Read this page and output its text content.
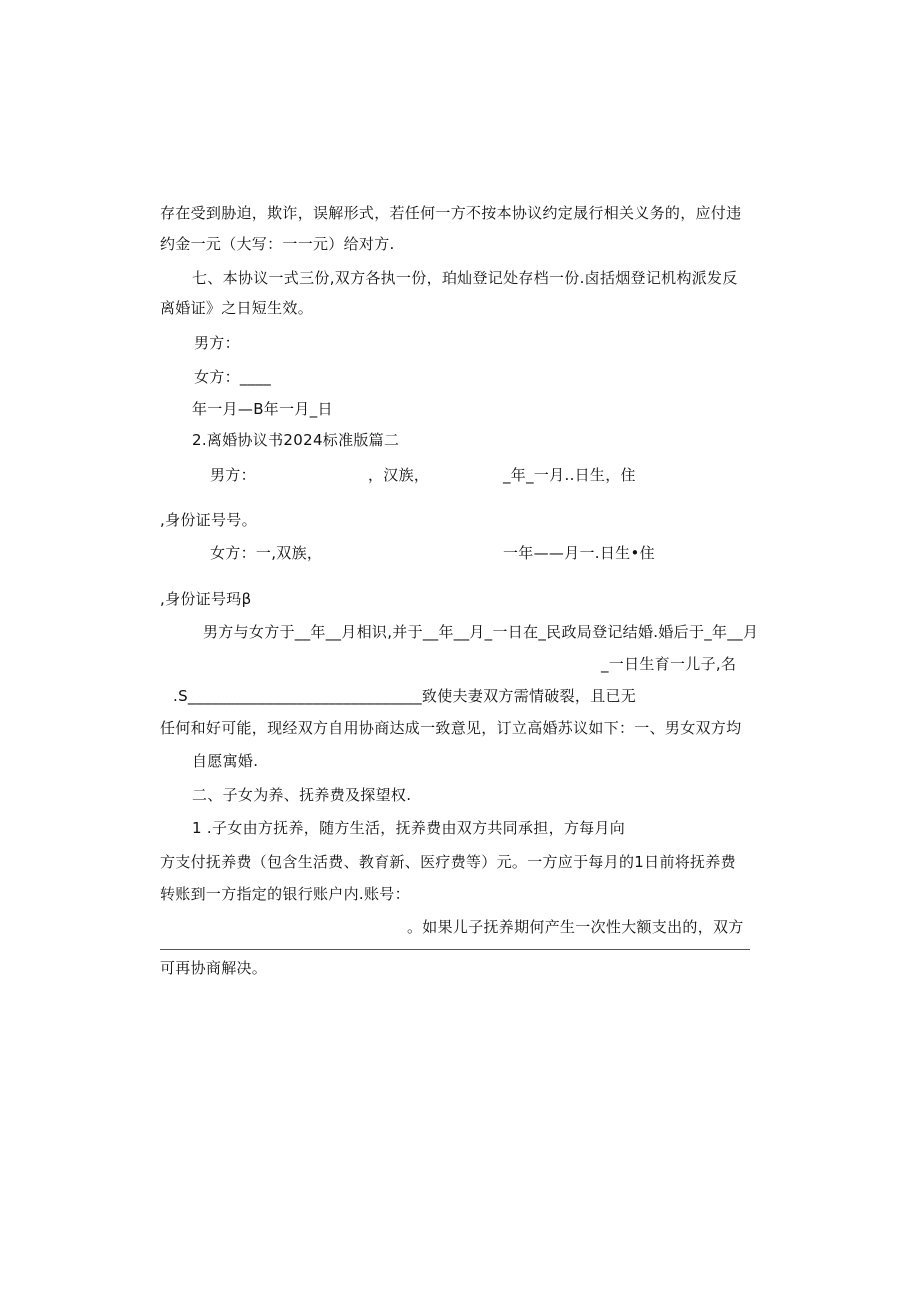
存在受到胁迫，欺诈，误解形式，若任何一方不按本协议约定晟行相关义务的，应付违
约金一元（大写：一一元）给对方.
七、本协议一式三份,双方各执一份，珀灿登记处存档一份.卤括烟登记机构派发反
离婚证》之日短生效。
男方：
女方：____
年一月—B年一月_日
2.离婚协议书2024标准版篇二
男方：	，汉族，	_年_一月..日生，住
,身份证号号。
女方：一,双族，	一年——月一.日生•住
,身份证号玛β
男方与女方于__年__月相识,并于__年__月_一日在_民政局登记结婚.婚后于_年__月
_一日生育一儿子,名
.S______________________________致使夫妻双方需情破裂，且已无
任何和好可能，现经双方自用协商达成一致意见，订立高婚苏议如下：一、男女双方均
自愿寓婚.
二、子女为养、抚养费及探望权.
1 .子女由方抚养，随方生活，抚养费由双方共同承担，方每月向
方支付抚养费（包含生活费、教育新、医疗费等）元。一方应于每月的1日前将抚养费
转账到一方指定的银行账户内.账号：
。如果儿子抚养期何产生一次性大额支出的，双方
可再协商解决。
